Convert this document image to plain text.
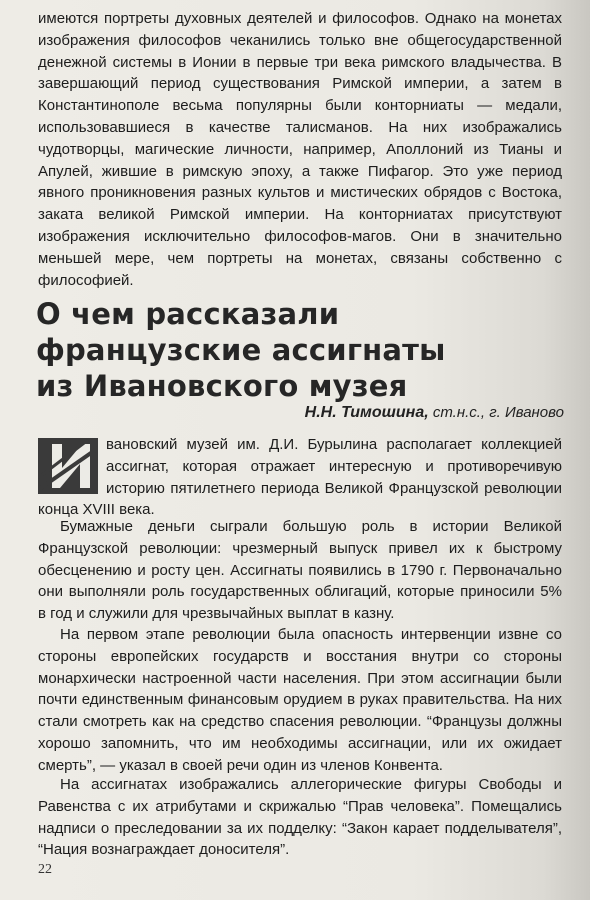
имеются портреты духовных деятелей и философов. Однако на монетах изображения философов чеканились только вне общегосударственной денежной системы в Ионии в первые три века римского владычества. В завершающий период существования Римской империи, а затем в Константинополе весьма популярны были конторниаты — медали, использовавшиеся в качестве талисманов. На них изображались чудотворцы, магические личности, например, Аполлоний из Тианы и Апулей, жившие в римскую эпоху, а также Пифагор. Это уже период явного проникновения разных культов и мистических обрядов с Востока, заката великой Римской империи. На конторниатах присутствуют изображения исключительно философов-магов. Они в значительно меньшей мере, чем портреты на монетах, связаны собственно с философией.

О чем рассказали
французские ассигнаты
из Ивановского музея
Н.Н. Тимошина, ст.н.с., г. Иваново

вановский музей им. Д.И. Бурылина располагает коллекцией ассигнат, которая отражает интересную и противоречивую историю пятилетнего периода Великой Французской революции конца XVIII века.

Бумажные деньги сыграли большую роль в истории Великой Французской революции: чрезмерный выпуск привел их к быстрому обесценению и росту цен. Ассигнаты появились в 1790 г. Первоначально они выполняли роль государственных облигаций, которые приносили 5% в год и служили для чрезвычайных выплат в казну.

На первом этапе революции была опасность интервенции извне со стороны европейских государств и восстания внутри со стороны монархически настроенной части населения. При этом ассигнации были почти единственным финансовым орудием в руках правительства. На них стали смотреть как на средство спасения революции. “Французы должны хорошо запомнить, что им необходимы ассигнации, или их ожидает смерть”, — указал в своей речи один из членов Конвента.

На ассигнатах изображались аллегорические фигуры Свободы и Равенства с их атрибутами и скрижалью “Прав человека”. Помещались надписи о преследовании за их подделку: “Закон карает подделывателя”, “Нация вознаграждает доносителя”.

22
